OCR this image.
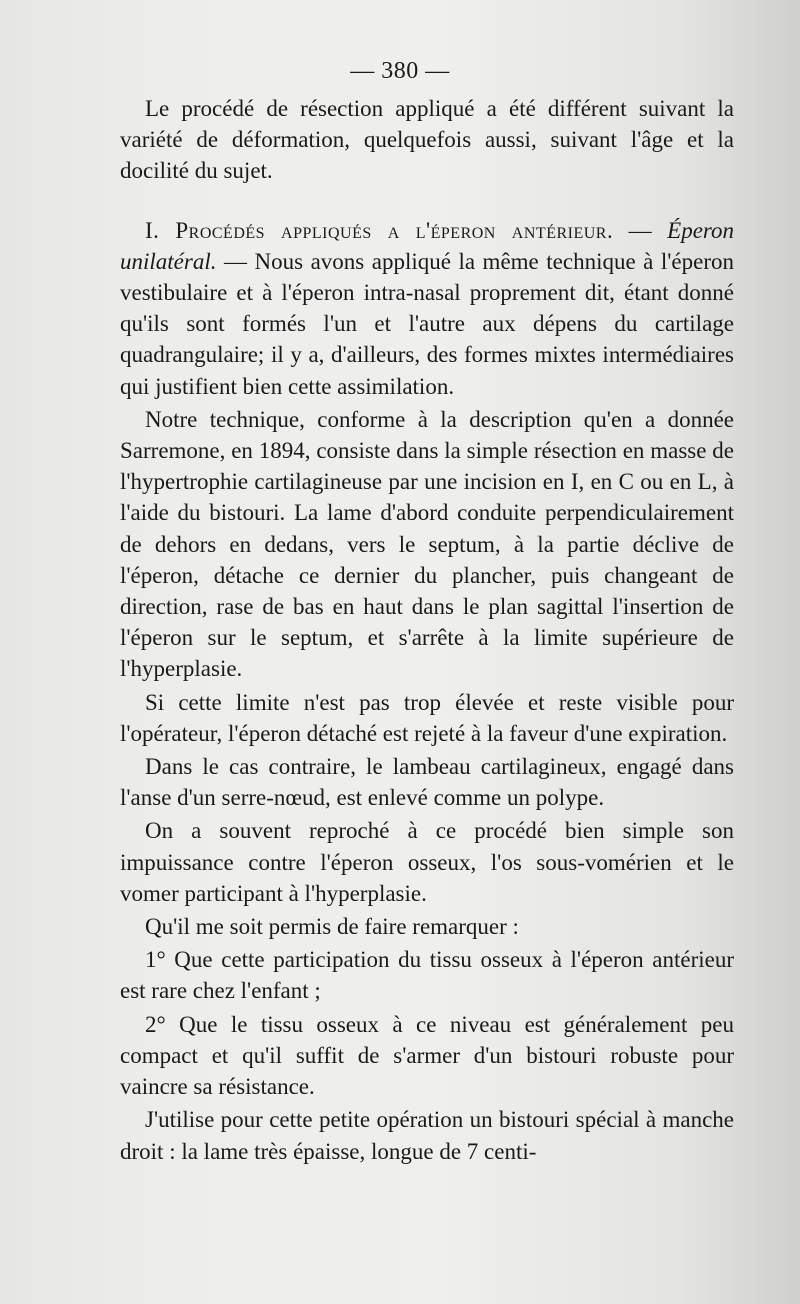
— 380 —

Le procédé de résection appliqué a été différent suivant la variété de déformation, quelquefois aussi, suivant l'âge et la docilité du sujet.

I. Procédés appliqués a l'éperon antérieur. — Éperon unilatéral. — Nous avons appliqué la même technique à l'éperon vestibulaire et à l'éperon intra-nasal proprement dit, étant donné qu'ils sont formés l'un et l'autre aux dépens du cartilage quadrangulaire; il y a, d'ailleurs, des formes mixtes intermédiaires qui justifient bien cette assimilation.

Notre technique, conforme à la description qu'en a donnée Sarremone, en 1894, consiste dans la simple résection en masse de l'hypertrophie cartilagineuse par une incision en I, en C ou en L, à l'aide du bistouri. La lame d'abord conduite perpendiculairement de dehors en dedans, vers le septum, à la partie déclive de l'éperon, détache ce dernier du plancher, puis changeant de direction, rase de bas en haut dans le plan sagittal l'insertion de l'éperon sur le septum, et s'arrête à la limite supérieure de l'hyperplasie.

Si cette limite n'est pas trop élevée et reste visible pour l'opérateur, l'éperon détaché est rejeté à la faveur d'une expiration.

Dans le cas contraire, le lambeau cartilagineux, engagé dans l'anse d'un serre-nœud, est enlevé comme un polype.

On a souvent reproché à ce procédé bien simple son impuissance contre l'éperon osseux, l'os sous-vomérien et le vomer participant à l'hyperplasie.

Qu'il me soit permis de faire remarquer :

1° Que cette participation du tissu osseux à l'éperon antérieur est rare chez l'enfant ;

2° Que le tissu osseux à ce niveau est généralement peu compact et qu'il suffit de s'armer d'un bistouri robuste pour vaincre sa résistance.

J'utilise pour cette petite opération un bistouri spécial à manche droit : la lame très épaisse, longue de 7 centi-
